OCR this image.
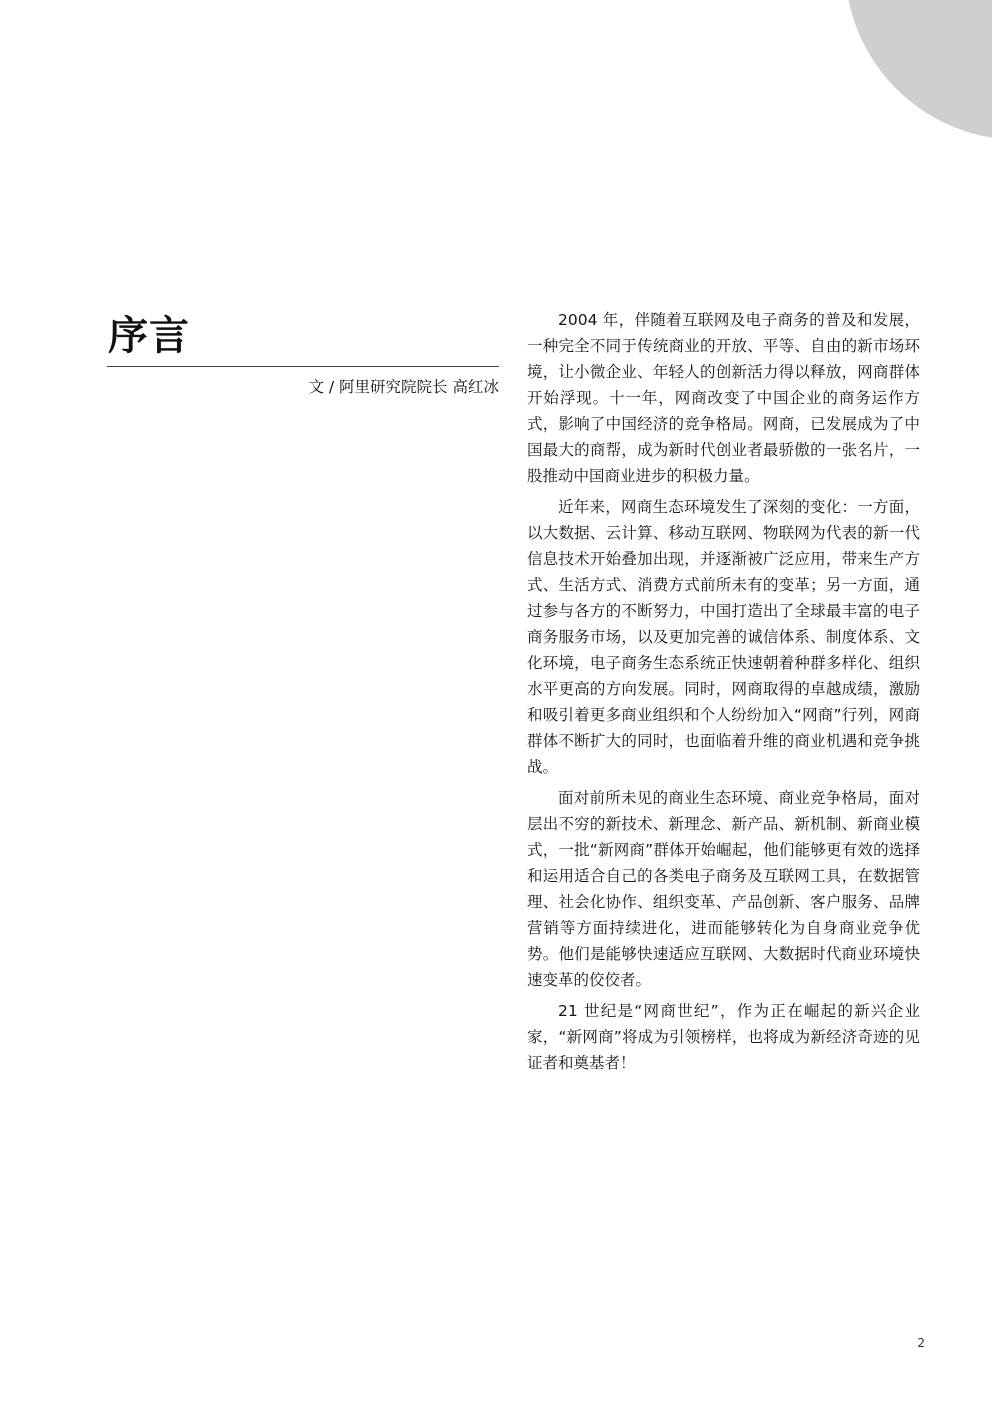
序言
文 / 阿里研究院院长 高红冰

2004 年，伴随着互联网及电子商务的普及和发展，一种完全不同于传统商业的开放、平等、自由的新市场环境，让小微企业、年轻人的创新活力得以释放，网商群体开始浮现。十一年，网商改变了中国企业的商务运作方式，影响了中国经济的竞争格局。网商，已发展成为了中国最大的商帮，成为新时代创业者最骄傲的一张名片，一股推动中国商业进步的积极力量。

近年来，网商生态环境发生了深刻的变化：一方面，以大数据、云计算、移动互联网、物联网为代表的新一代信息技术开始叠加出现，并逐渐被广泛应用，带来生产方式、生活方式、消费方式前所未有的变革；另一方面，通过参与各方的不断努力，中国打造出了全球最丰富的电子商务服务市场，以及更加完善的诚信体系、制度体系、文化环境，电子商务生态系统正快速朝着种群多样化、组织水平更高的方向发展。同时，网商取得的卓越成绩，激励和吸引着更多商业组织和个人纷纷加入“网商”行列，网商群体不断扩大的同时，也面临着升维的商业机遇和竞争挑战。

面对前所未见的商业生态环境、商业竞争格局，面对层出不穷的新技术、新理念、新产品、新机制、新商业模式，一批“新网商”群体开始崛起，他们能够更有效的选择和运用适合自己的各类电子商务及互联网工具，在数据管理、社会化协作、组织变革、产品创新、客户服务、品牌营销等方面持续进化，进而能够转化为自身商业竞争优势。他们是能够快速适应互联网、大数据时代商业环境快速变革的佼佼者。

21 世纪是“网商世纪”，作为正在崛起的新兴企业家，“新网商”将成为引领榜样，也将成为新经济奇迹的见证者和奠基者！

2
